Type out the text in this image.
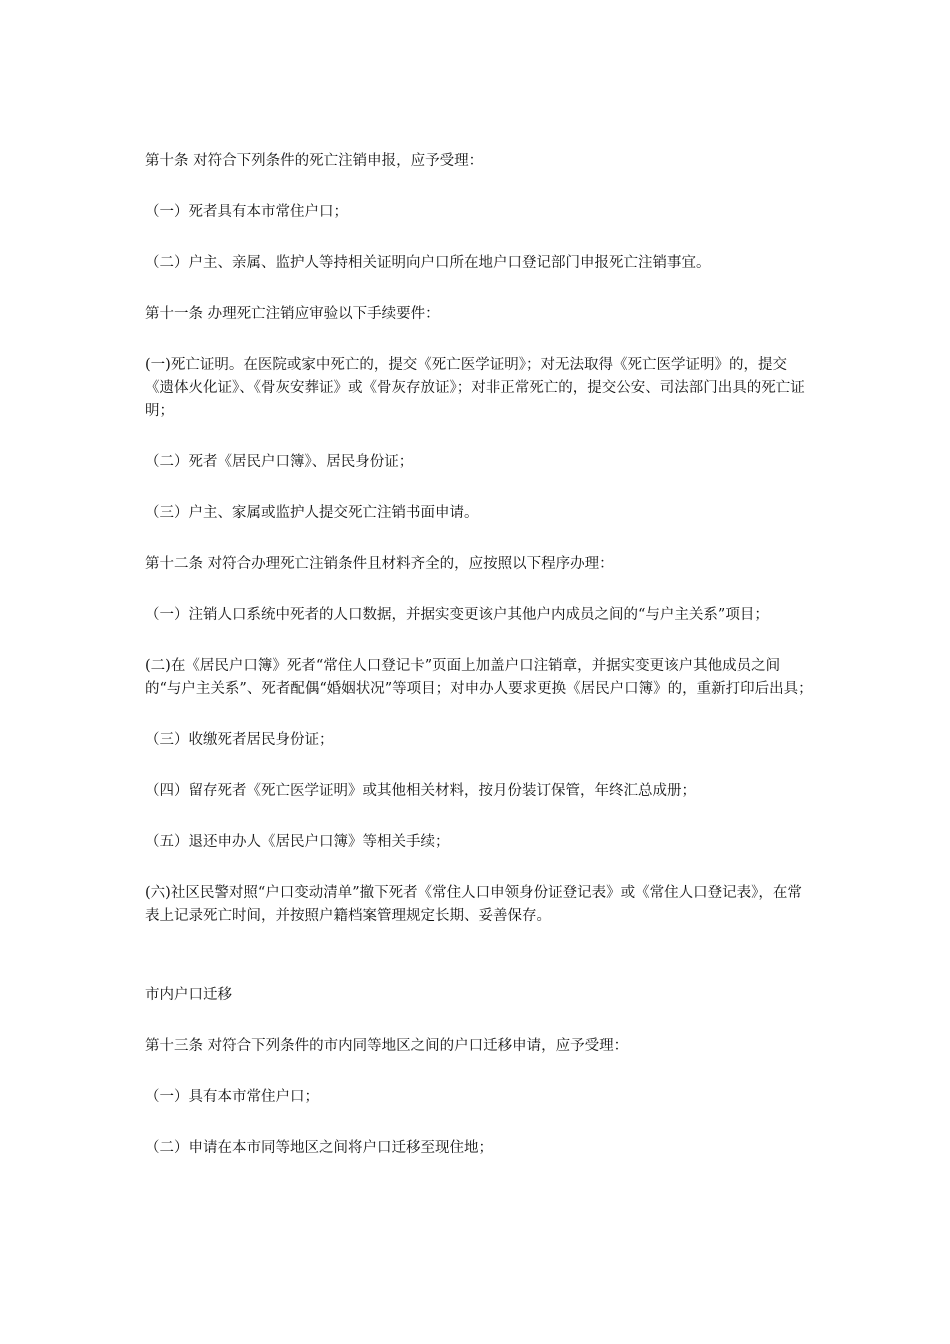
第十条 对符合下列条件的死亡注销申报，应予受理：

（一）死者具有本市常住户口；

（二）户主、亲属、监护人等持相关证明向户口所在地户口登记部门申报死亡注销事宜。

第十一条 办理死亡注销应审验以下手续要件：

(一)死亡证明。在医院或家中死亡的，提交《死亡医学证明》；对无法取得《死亡医学证明》的，提交《遗体火化证》、《骨灰安葬证》或《骨灰存放证》；对非正常死亡的，提交公安、司法部门出具的死亡证明；

（二）死者《居民户口簿》、居民身份证；

（三）户主、家属或监护人提交死亡注销书面申请。

第十二条 对符合办理死亡注销条件且材料齐全的，应按照以下程序办理：

（一）注销人口系统中死者的人口数据，并据实变更该户其他户内成员之间的“与户主关系”项目；

(二)在《居民户口簿》死者“常住人口登记卡”页面上加盖户口注销章，并据实变更该户其他成员之间的“与户主关系”、死者配偶“婚姻状况”等项目；对申办人要求更换《居民户口簿》的，重新打印后出具；

（三）收缴死者居民身份证；

（四）留存死者《死亡医学证明》或其他相关材料，按月份装订保管，年终汇总成册；

（五）退还申办人《居民户口簿》等相关手续；

(六)社区民警对照“户口变动清单”撤下死者《常住人口申领身份证登记表》或《常住人口登记表》，在常表上记录死亡时间，并按照户籍档案管理规定长期、妥善保存。

市内户口迁移

第十三条 对符合下列条件的市内同等地区之间的户口迁移申请，应予受理：

（一）具有本市常住户口；

（二）申请在本市同等地区之间将户口迁移至现住地；
